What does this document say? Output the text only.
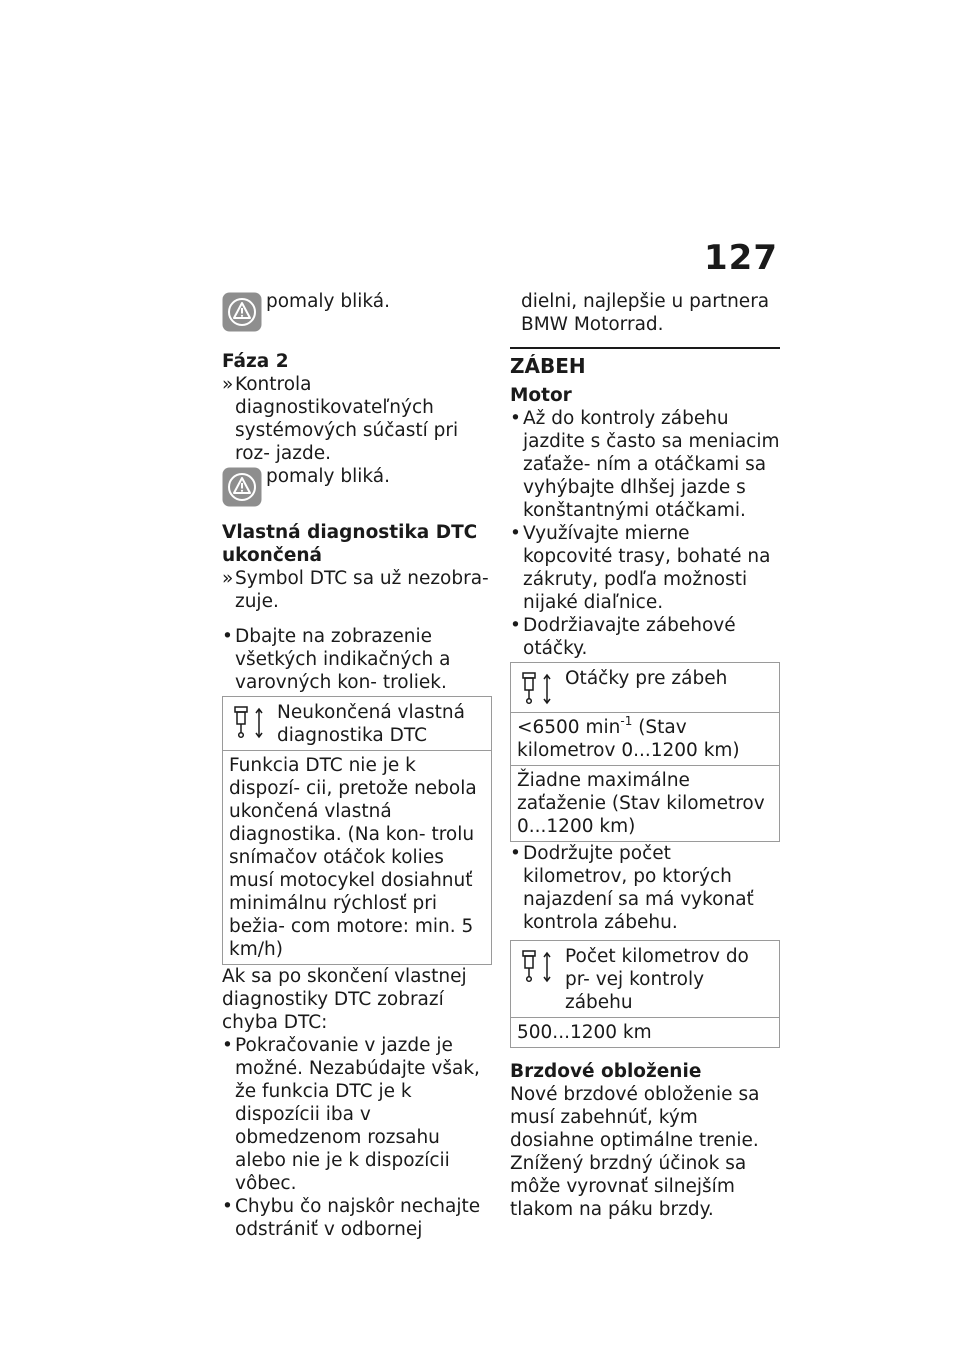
127
pomaly bliká.

Fáza 2

» Kontrola diagnostikovateľných systémových súčastí pri roz- jazde.

pomaly bliká.

Vlastná diagnostika DTC

ukončená

» Symbol DTC sa už nezobra- zuje.

• Dbajte na zobrazenie všetkých indikačných a varovných kon- troliek.

Neukončená vlastná diagnostika DTC
Funkcia DTC nie je k dispozí- cii, pretože nebola ukončená vlastná diagnostika. (Na kon- trolu snímačov otáčok kolies musí motocykel dosiahnuť minimálnu rýchlosť pri bežia- com motore: min. 5 km/h)

Ak sa po skončení vlastnej diagnostiky DTC zobrazí chyba DTC:

• Pokračovanie v jazde je možné. Nezabúdajte však, že funkcia DTC je k dispozícii iba v obmedzenom rozsahu alebo nie je k dispozícii vôbec.

• Chybu čo najskôr nechajte odstrániť v odbornej

dielni, najlepšie u partnera BMW Motorrad.

ZÁBEH

Motor

• Až do kontroly zábehu jazdite s často sa meniacim zaťaže- ním a otáčkami sa vyhýbajte dlhšej jazde s konštantnými otáčkami.

• Využívajte mierne kopcovité trasy, bohaté na zákruty, podľa možnosti nijaké diaľnice.

• Dodržiavajte zábehové otáčky.

Otáčky pre zábeh
<6500 $\min^{-1}$ (Stav kilometrov 0...1200 km)
Žiadne maximálne zaťaženie (Stav kilometrov 0...1200 km)

• Dodržujte počet kilometrov, po ktorých najazdení sa má vykonať kontrola zábehu.

Počet kilometrov do pr- vej kontroly zábehu
500...1200 km

Brzdové obloženie

Nové brzdové obloženie sa musí zabehnúť, kým dosiahne optimálne trenie. Znížený brzdný účinok sa môže vyrovnať silnejším tlakom na páku brzdy.
